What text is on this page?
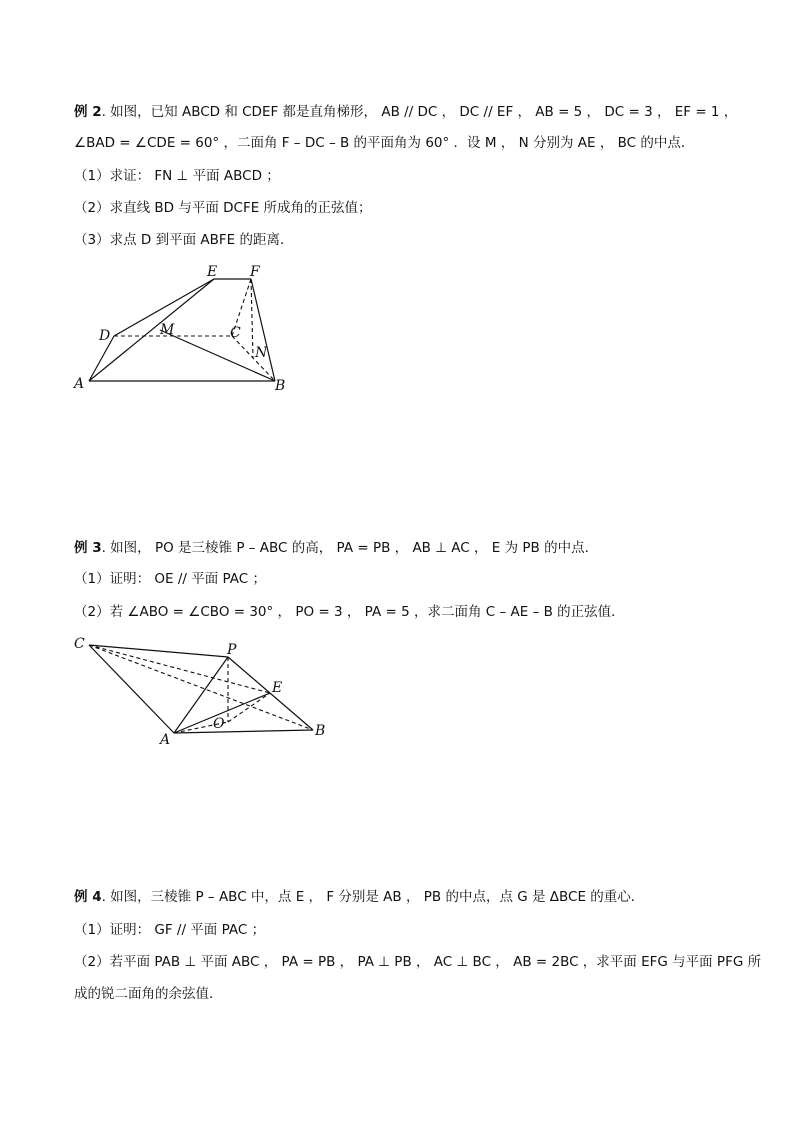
例 2. 如图，已知 ABCD 和 CDEF 都是直角梯形， AB // DC ， DC // EF ， AB = 5 ， DC = 3 ， EF = 1 ，
∠BAD = ∠CDE = 60° ，二面角 F – DC – B 的平面角为 60° ．设 M ， N 分别为 AE ， BC 的中点．
（1）求证： FN ⊥ 平面 ABCD ；
（2）求直线 BD 与平面 DCFE 所成角的正弦值；
（3）求点 D 到平面 ABFE 的距离．
E F
D	M	C
N
A	B
例 3. 如图， PO 是三棱锥 P – ABC 的高， PA = PB ， AB ⊥ AC ， E 为 PB 的中点．
（1）证明： OE // 平面 PAC ；
（2）若 ∠ABO = ∠CBO = 30° ， PO = 3 ， PA = 5 ，求二面角 C – AE – B 的正弦值．
C	P
E
O
A
B
例 4. 如图，三棱锥 P – ABC 中，点 E ， F 分别是 AB ， PB 的中点，点 G 是 ΔBCE 的重心．
（1）证明： GF // 平面 PAC ；
（2）若平面 PAB ⊥ 平面 ABC ， PA = PB ， PA ⊥ PB ， AC ⊥ BC ， AB = 2BC ，求平面 EFG 与平面 PFG 所
成的锐二面角的余弦值．
